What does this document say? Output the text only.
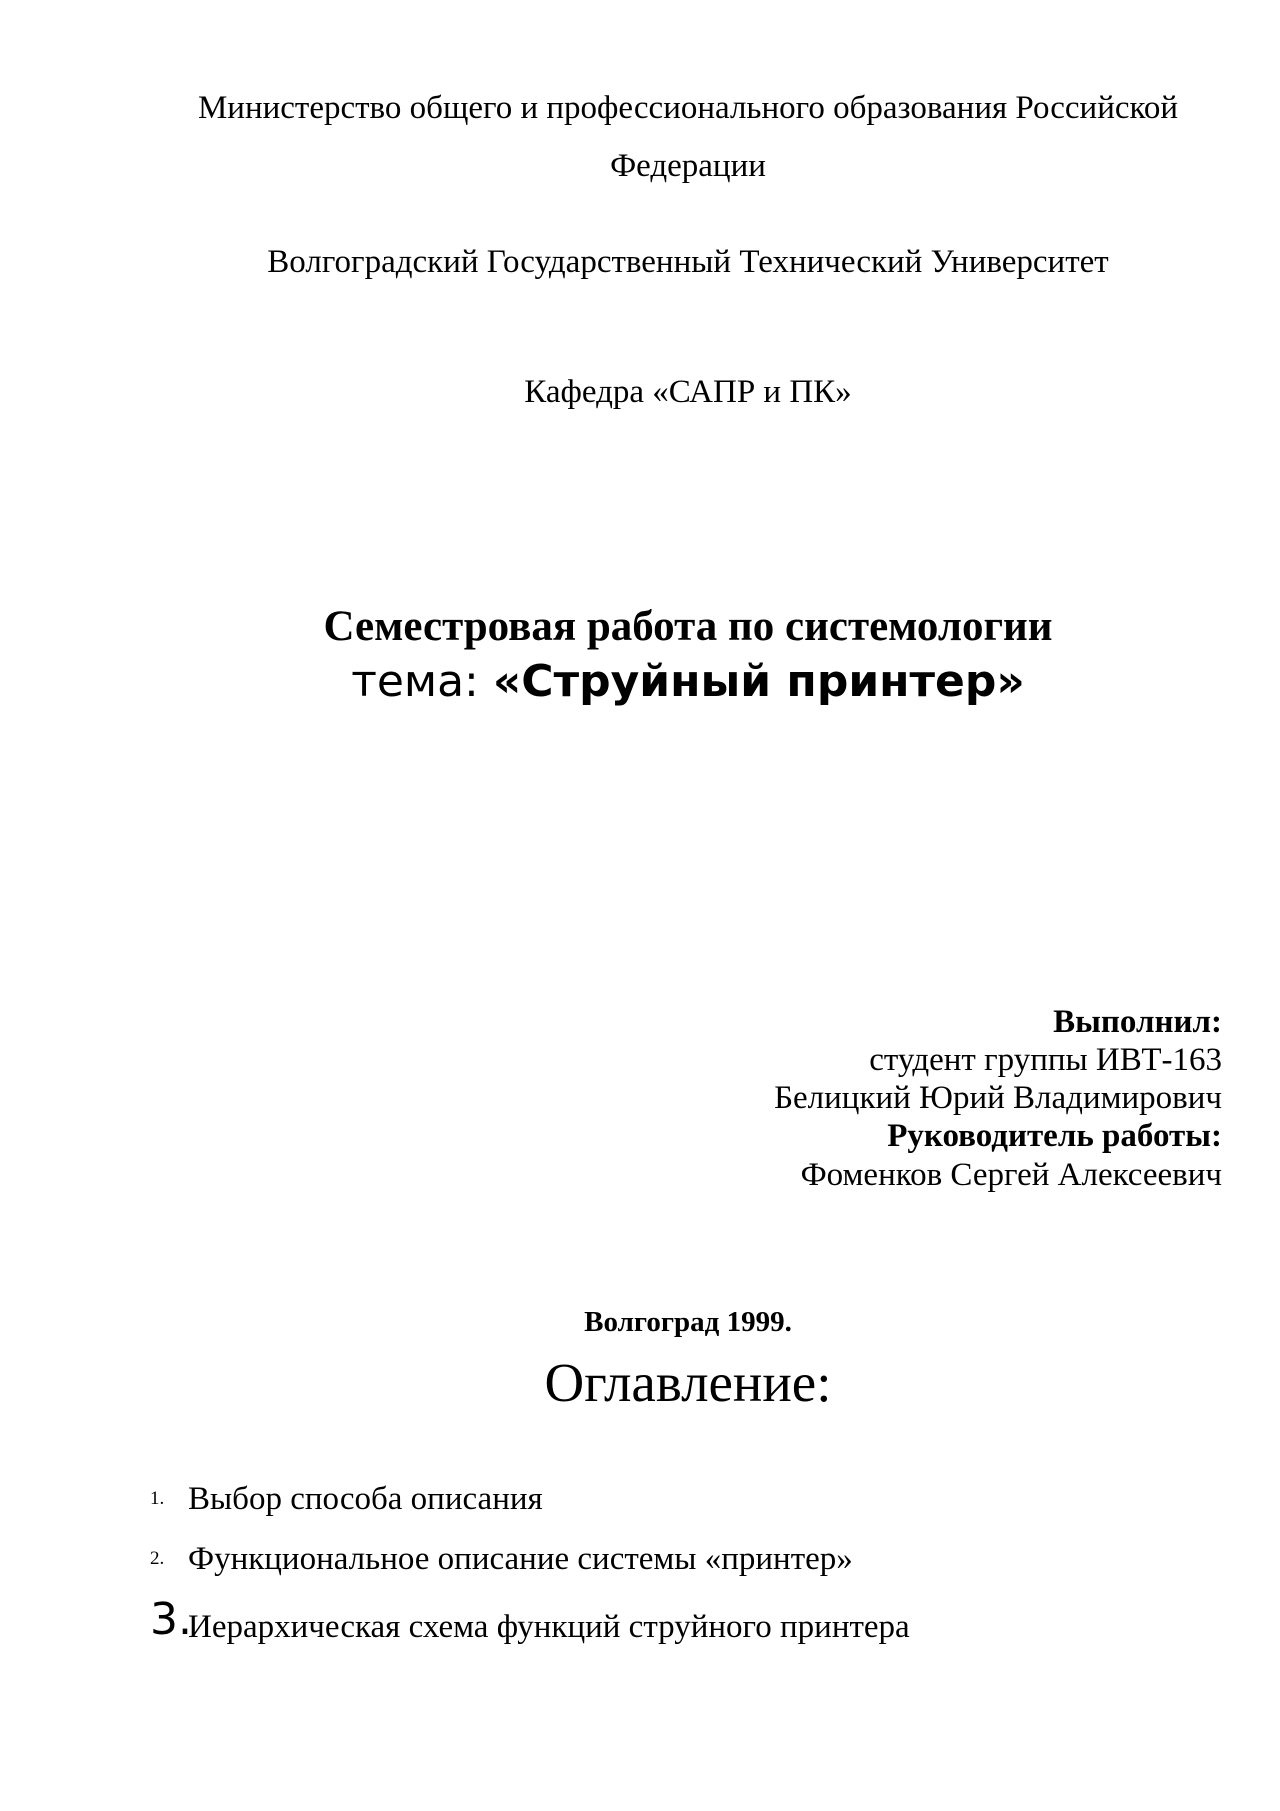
Министерство общего и профессионального образования Российской
Федерации
Волгоградский Государственный Технический Университет
Кафедра «САПР и ПК»
Семестровая работа по системологии
тема: «Струйный принтер»
Выполнил:
студент группы ИВТ-163
Белицкий Юрий Владимирович
Руководитель работы:
Фоменков Сергей Алексеевич
Волгоград 1999.
Оглавление:
1. Выбор способа описания
2. Функциональное описание системы «принтер»
3.
Иерархическая схема функций струйного принтера
